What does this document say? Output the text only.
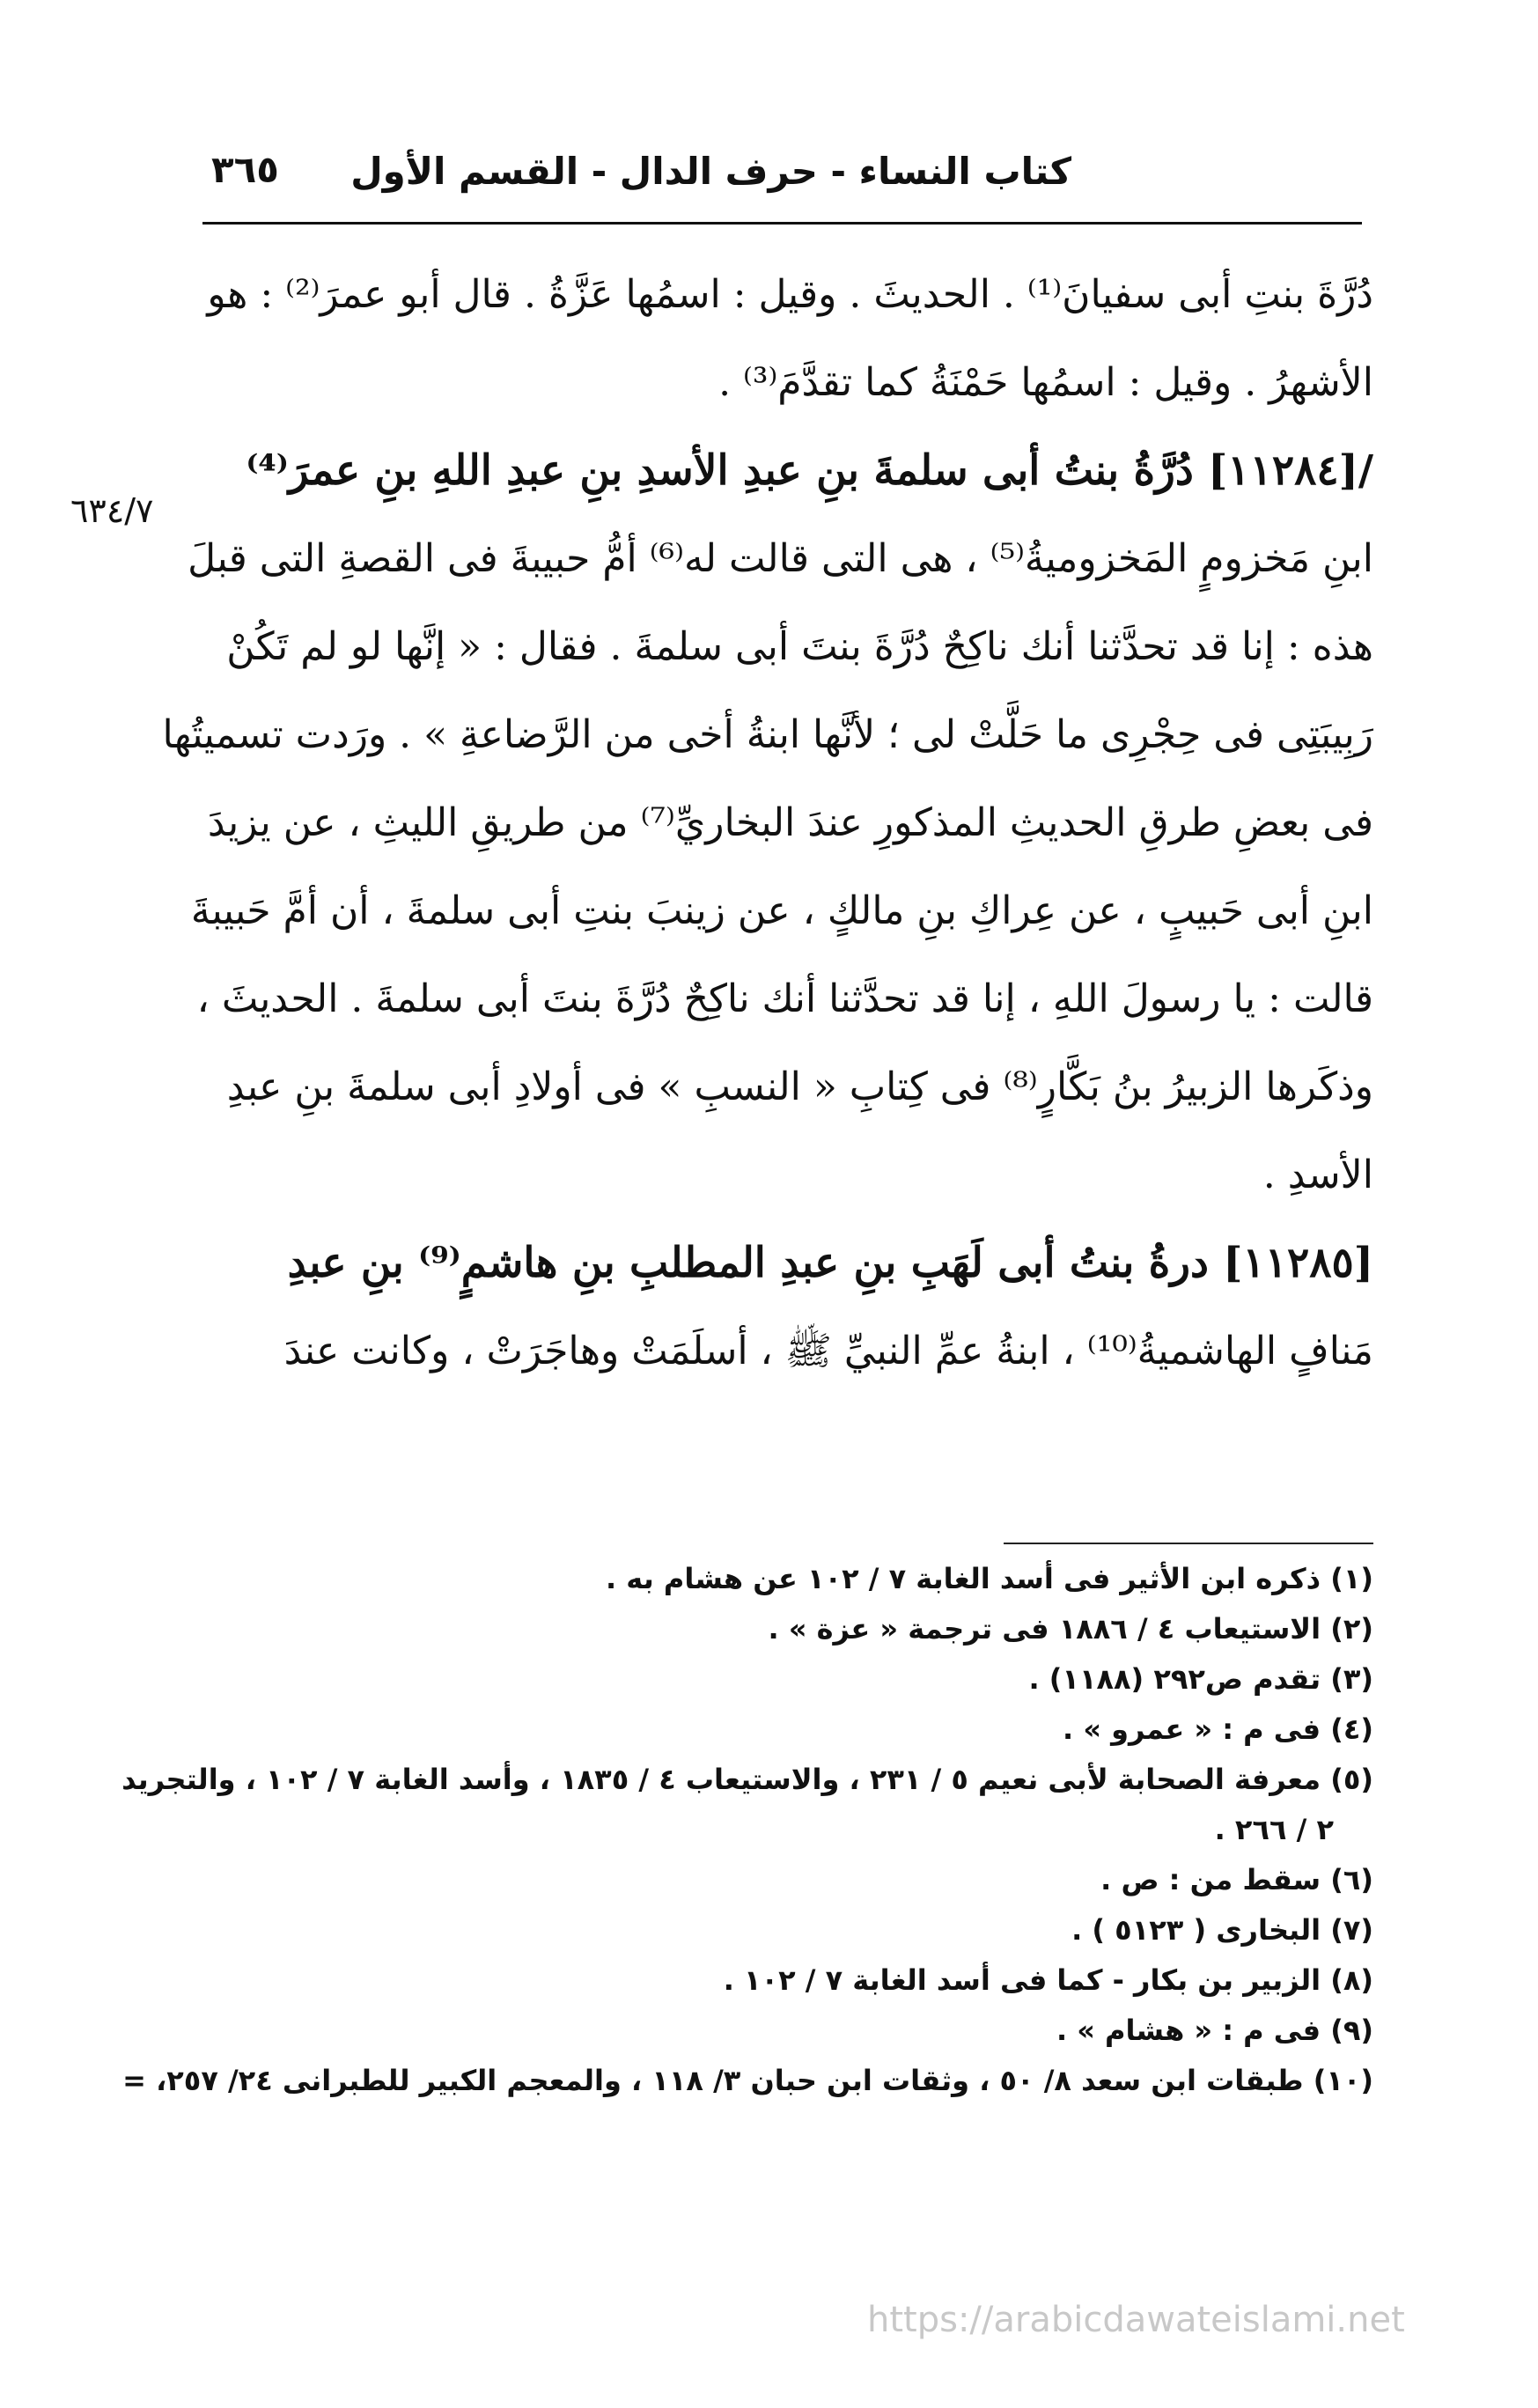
كتاب النساء - حرف الدال - القسم الأول
٣٦٥
٦٣٤/٧
دُرَّةَ بنتِ أبى سفيانَ⁽¹⁾ . الحديثَ . وقيل : اسمُها عَزَّةُ . قال أبو عمرَ⁽²⁾ : هو
الأشهرُ . وقيل : اسمُها حَمْنَةُ كما تقدَّمَ⁽³⁾ .
/[١١٢٨٤] دُرَّةُ بنتُ أبى سلمةَ بنِ عبدِ الأسدِ بنِ عبدِ اللهِ بنِ عمرَ⁽⁴⁾
ابنِ مَخزومٍ المَخزوميةُ⁽⁵⁾ ، هى التى قالت له⁽⁶⁾ أمُّ حبيبةَ فى القصةِ التى قبلَ
هذه : إنا قد تحدَّثنا أنك ناكِحٌ دُرَّةَ بنتَ أبى سلمةَ . فقال : « إنَّها لو لم تَكُنْ
رَبِيبَتِى فى حِجْرِى ما حَلَّتْ لى ؛ لأنَّها ابنةُ أخى من الرَّضاعةِ » . ورَدت تسميتُها
فى بعضِ طرقِ الحديثِ المذكورِ عندَ البخاريِّ⁽⁷⁾ من طريقِ الليثِ ، عن يزيدَ
ابنِ أبى حَبيبٍ ، عن عِراكِ بنِ مالكٍ ، عن زينبَ بنتِ أبى سلمةَ ، أن أمَّ حَبيبةَ
قالت : يا رسولَ اللهِ ، إنا قد تحدَّثنا أنك ناكِحٌ دُرَّةَ بنتَ أبى سلمةَ . الحديثَ ،
وذكَرها الزبيرُ بنُ بَكَّارٍ⁽⁸⁾ فى كِتابِ « النسبِ » فى أولادِ أبى سلمةَ بنِ عبدِ
الأسدِ .
[١١٢٨٥] درةُ بنتُ أبى لَهَبِ بنِ عبدِ المطلبِ بنِ هاشمٍ⁽⁹⁾ بنِ عبدِ
مَنافٍ الهاشميةُ⁽¹⁰⁾ ، ابنةُ عمِّ النبيِّ ﷺ ، أسلَمَتْ وهاجَرَتْ ، وكانت عندَ
(١) ذكره ابن الأثير فى أسد الغابة ٧ / ١٠٢ عن هشام به .
(٢) الاستيعاب ٤ / ١٨٨٦ فى ترجمة « عزة » .
(٣) تقدم ص٢٩٢ (١١٨٨) .
(٤) فى م : « عمرو » .
(٥) معرفة الصحابة لأبى نعيم ٥ / ٢٣١ ، والاستيعاب ٤ / ١٨٣٥ ، وأسد الغابة ٧ / ١٠٢ ، والتجريد
٢ / ٢٦٦ .
(٦) سقط من : ص .
(٧) البخارى ( ٥١٢٣ ) .
(٨) الزبير بن بكار - كما فى أسد الغابة ٧ / ١٠٢ .
(٩) فى م : « هشام » .
(١٠) طبقات ابن سعد ٨/ ٥٠ ، وثقات ابن حبان ٣/ ١١٨ ، والمعجم الكبير للطبرانى ٢٤/ ٢٥٧، =
https://arabicdawateislami.net
